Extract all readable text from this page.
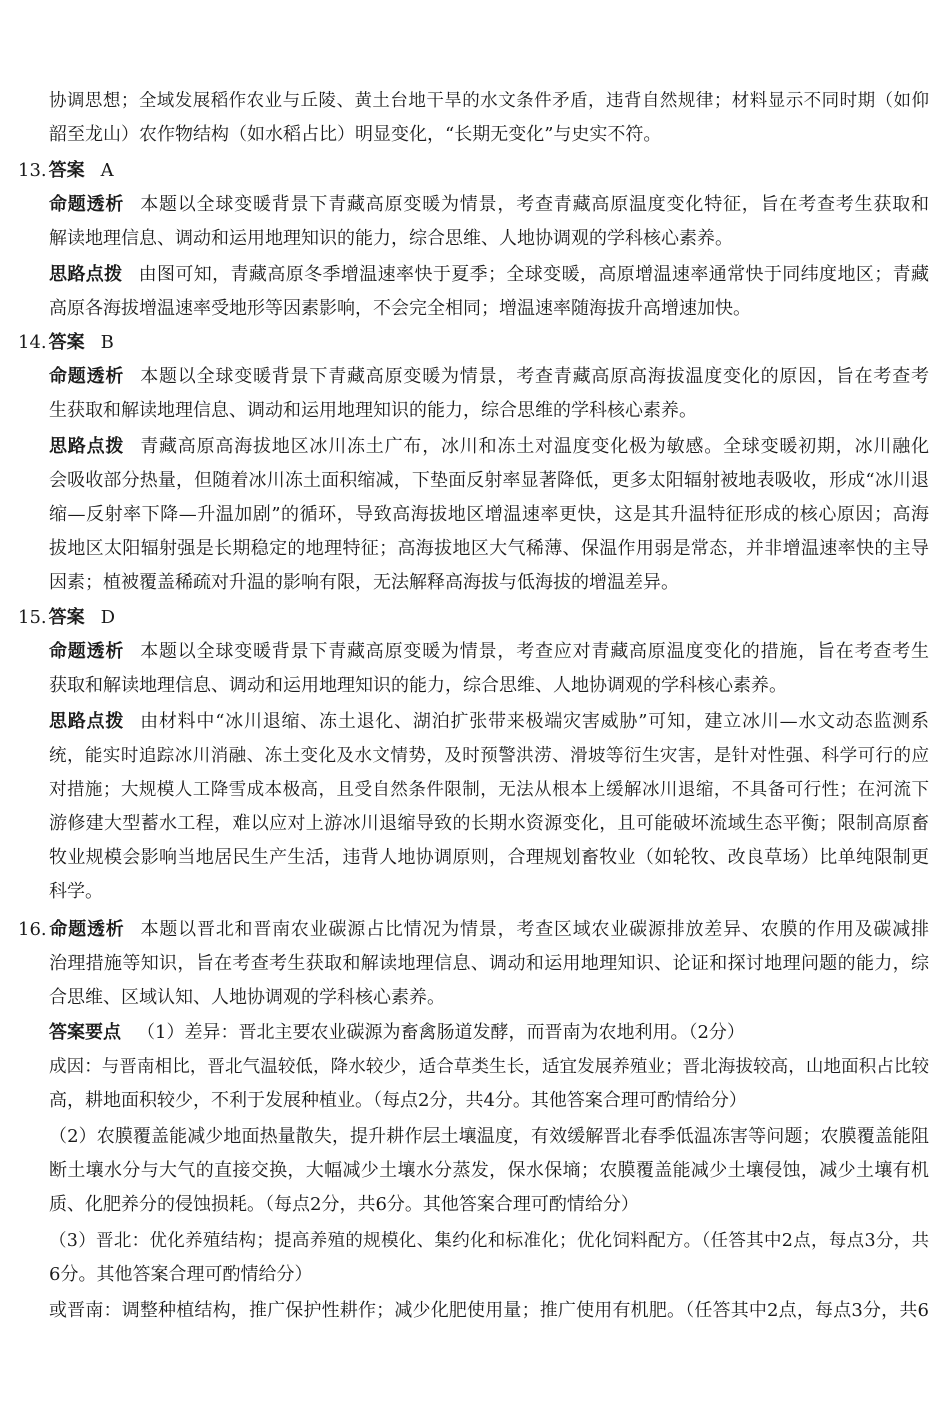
协调思想；全域发展稻作农业与丘陵、黄土台地干旱的水文条件矛盾，违背自然规律；材料显示不同时期（如仰
韶至龙山）农作物结构（如水稻占比）明显变化，“长期无变化”与史实不符。
13. 答案 A
命题透析 本题以全球变暖背景下青藏高原变暖为情景，考查青藏高原温度变化特征，旨在考查考生获取和
解读地理信息、调动和运用地理知识的能力，综合思维、人地协调观的学科核心素养。
思路点拨 由图可知，青藏高原冬季增温速率快于夏季；全球变暖，高原增温速率通常快于同纬度地区；青藏
高原各海拔增温速率受地形等因素影响，不会完全相同；增温速率随海拔升高增速加快。
14. 答案 B
命题透析 本题以全球变暖背景下青藏高原变暖为情景，考查青藏高原高海拔温度变化的原因，旨在考查考
生获取和解读地理信息、调动和运用地理知识的能力，综合思维的学科核心素养。
思路点拨 青藏高原高海拔地区冰川冻土广布，冰川和冻土对温度变化极为敏感。全球变暖初期，冰川融化
会吸收部分热量，但随着冰川冻土面积缩减，下垫面反射率显著降低，更多太阳辐射被地表吸收，形成“冰川退
缩—反射率下降—升温加剧”的循环，导致高海拔地区增温速率更快，这是其升温特征形成的核心原因；高海
拔地区太阳辐射强是长期稳定的地理特征；高海拔地区大气稀薄、保温作用弱是常态，并非增温速率快的主导
因素；植被覆盖稀疏对升温的影响有限，无法解释高海拔与低海拔的增温差异。
15. 答案 D
命题透析 本题以全球变暖背景下青藏高原变暖为情景，考查应对青藏高原温度变化的措施，旨在考查考生
获取和解读地理信息、调动和运用地理知识的能力，综合思维、人地协调观的学科核心素养。
思路点拨 由材料中“冰川退缩、冻土退化、湖泊扩张带来极端灾害威胁”可知，建立冰川—水文动态监测系
统，能实时追踪冰川消融、冻土变化及水文情势，及时预警洪涝、滑坡等衍生灾害，是针对性强、科学可行的应
对措施；大规模人工降雪成本极高，且受自然条件限制，无法从根本上缓解冰川退缩，不具备可行性；在河流下
游修建大型蓄水工程，难以应对上游冰川退缩导致的长期水资源变化，且可能破坏流域生态平衡；限制高原畜
牧业规模会影响当地居民生产生活，违背人地协调原则，合理规划畜牧业（如轮牧、改良草场）比单纯限制更
科学。
16. 命题透析 本题以晋北和晋南农业碳源占比情况为情景，考查区域农业碳源排放差异、农膜的作用及碳减排
治理措施等知识，旨在考查考生获取和解读地理信息、调动和运用地理知识、论证和探讨地理问题的能力，综
合思维、区域认知、人地协调观的学科核心素养。
答案要点 （1）差异：晋北主要农业碳源为畜禽肠道发酵，而晋南为农地利用。（2分）
成因：与晋南相比，晋北气温较低，降水较少，适合草类生长，适宜发展养殖业；晋北海拔较高，山地面积占比较
高，耕地面积较少，不利于发展种植业。（每点2分，共4分。其他答案合理可酌情给分）
（2）农膜覆盖能减少地面热量散失，提升耕作层土壤温度，有效缓解晋北春季低温冻害等问题；农膜覆盖能阻
断土壤水分与大气的直接交换，大幅减少土壤水分蒸发，保水保墒；农膜覆盖能减少土壤侵蚀，减少土壤有机
质、化肥养分的侵蚀损耗。（每点2分，共6分。其他答案合理可酌情给分）
（3）晋北：优化养殖结构；提高养殖的规模化、集约化和标准化；优化饲料配方。（任答其中2点，每点3分，共
6分。其他答案合理可酌情给分）
或晋南：调整种植结构，推广保护性耕作；减少化肥使用量；推广使用有机肥。（任答其中2点，每点3分，共6
